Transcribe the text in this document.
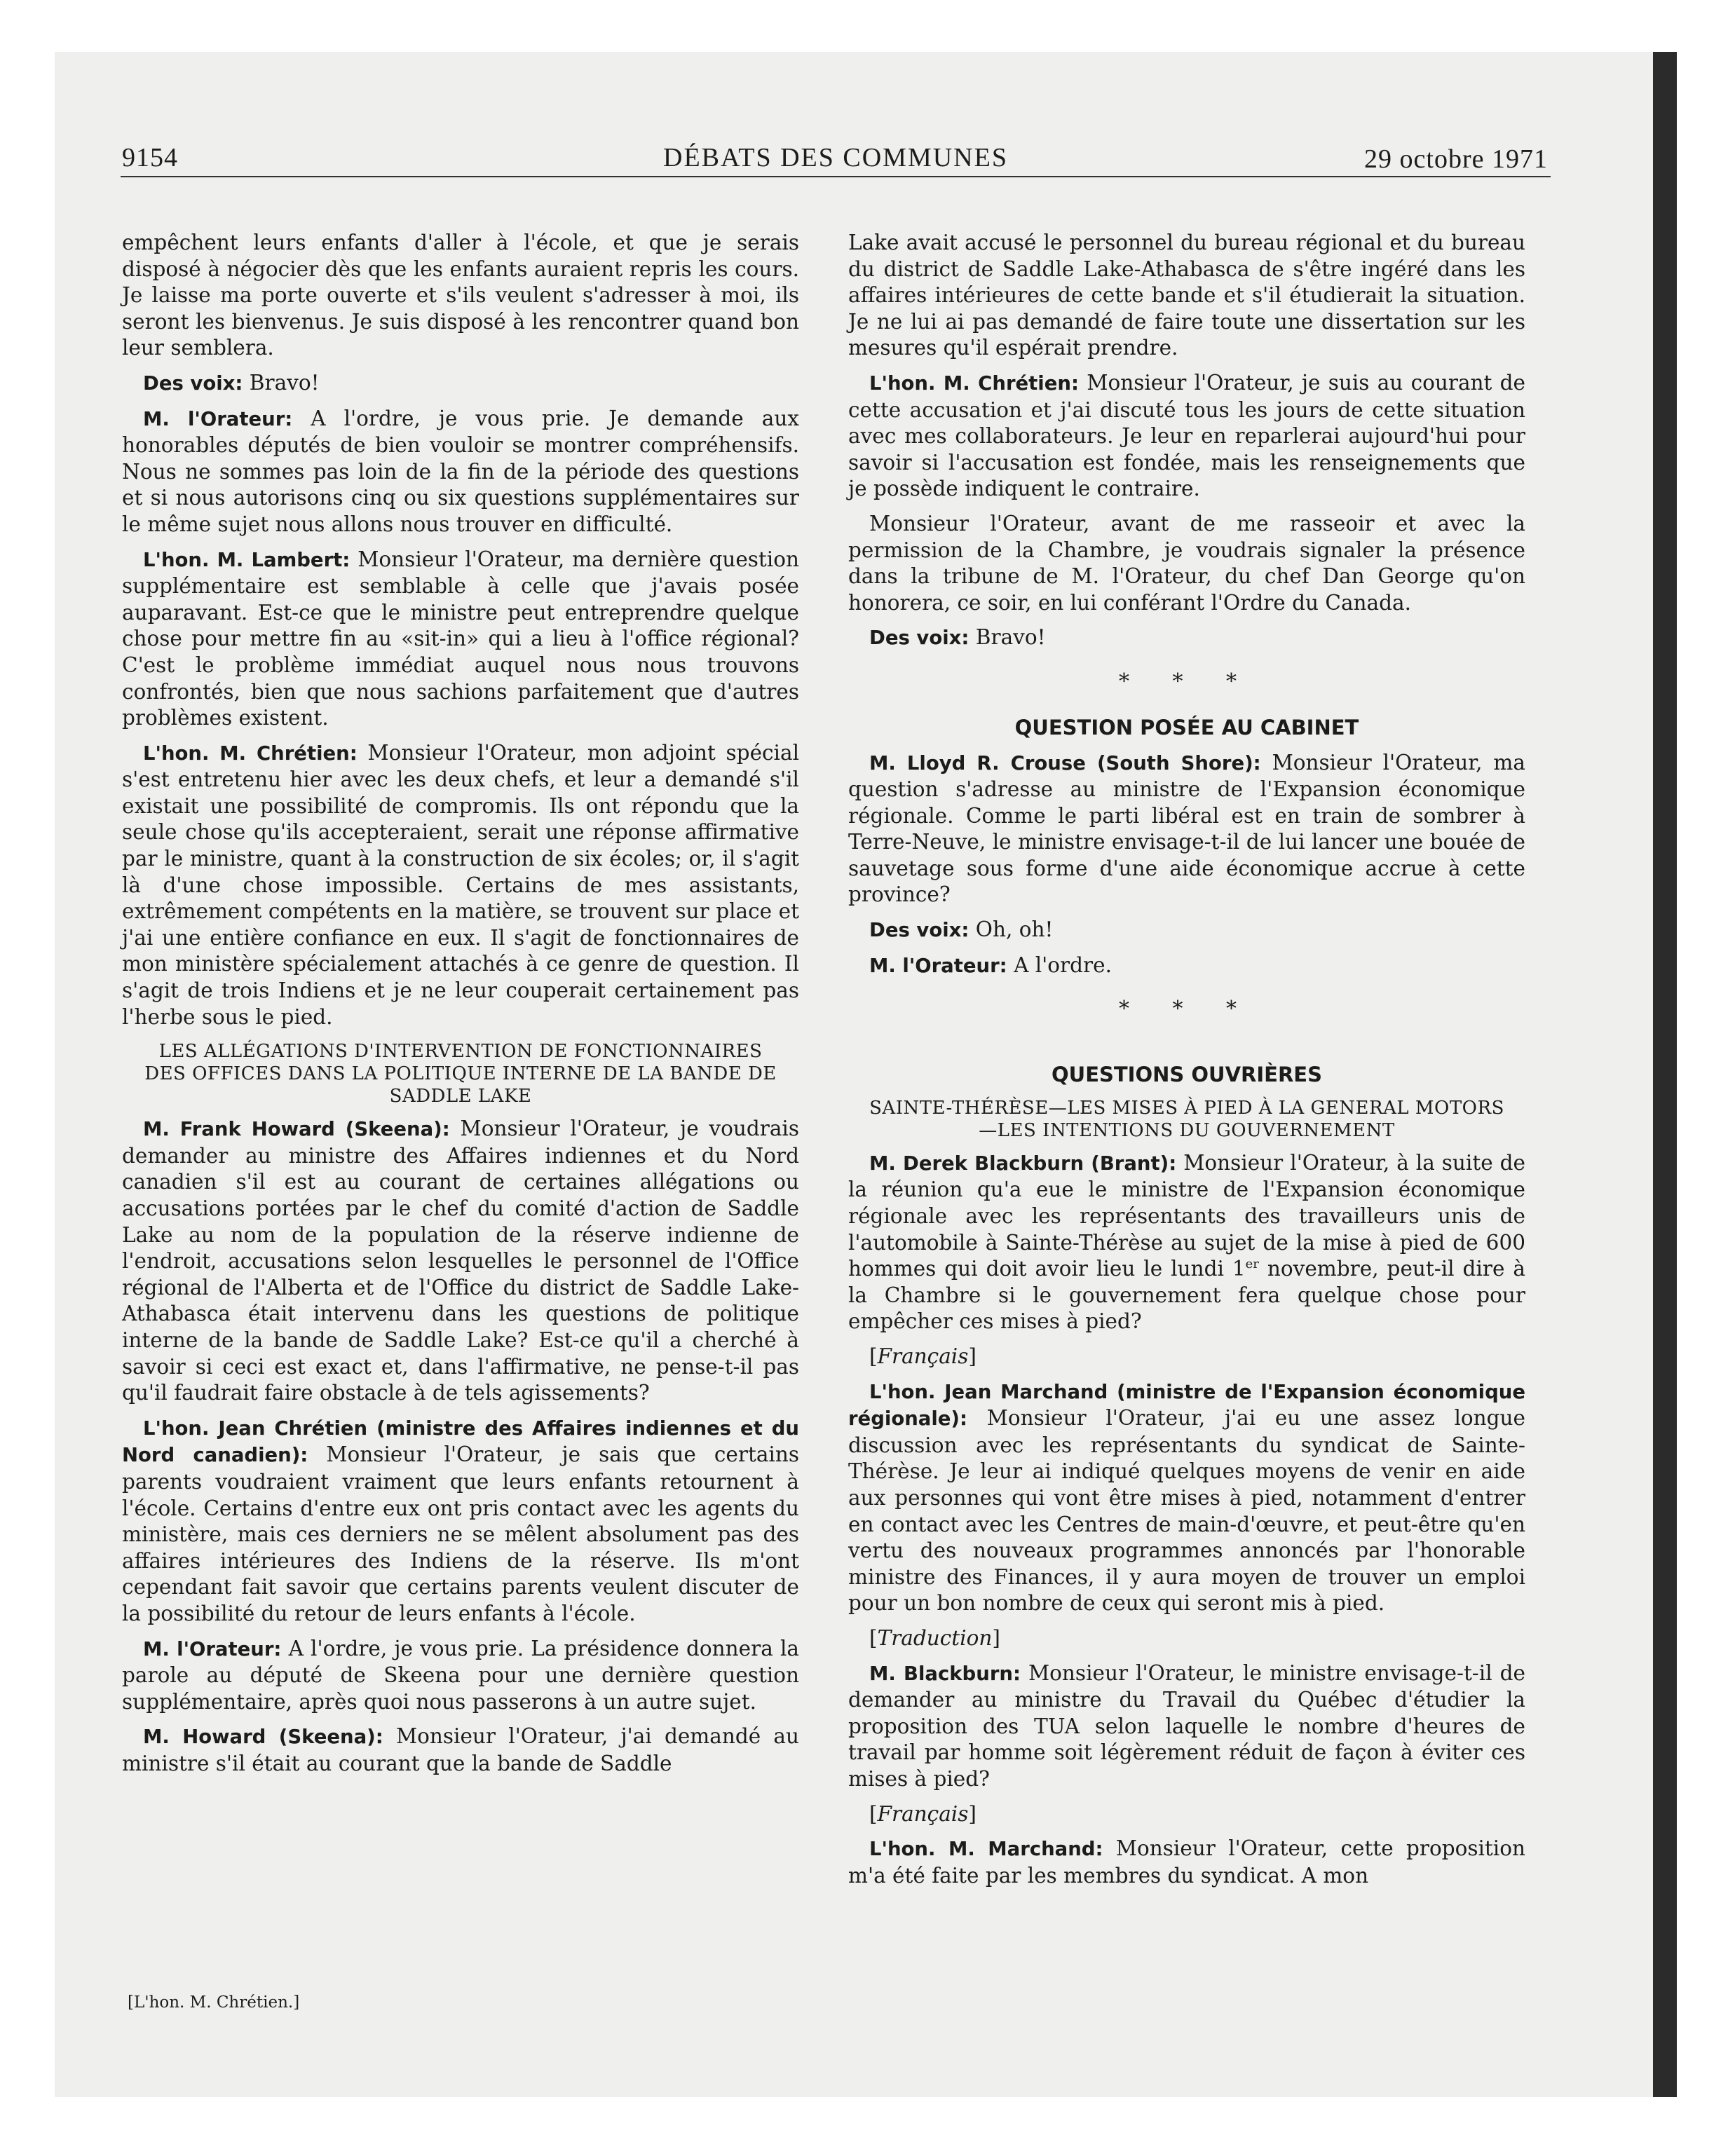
9154	DÉBATS DES COMMUNES	29 octobre 1971

empêchent leurs enfants d'aller à l'école, et que je serais disposé à négocier dès que les enfants auraient repris les cours. Je laisse ma porte ouverte et s'ils veulent s'adresser à moi, ils seront les bienvenus. Je suis disposé à les rencontrer quand bon leur semblera.

Des voix: Bravo!

M. l'Orateur: A l'ordre, je vous prie. Je demande aux honorables députés de bien vouloir se montrer compréhensifs. Nous ne sommes pas loin de la fin de la période des questions et si nous autorisons cinq ou six questions supplémentaires sur le même sujet nous allons nous trouver en difficulté.

L'hon. M. Lambert: Monsieur l'Orateur, ma dernière question supplémentaire est semblable à celle que j'avais posée auparavant. Est-ce que le ministre peut entreprendre quelque chose pour mettre fin au «sit-in» qui a lieu à l'office régional? C'est le problème immédiat auquel nous nous trouvons confrontés, bien que nous sachions parfaitement que d'autres problèmes existent.

L'hon. M. Chrétien: Monsieur l'Orateur, mon adjoint spécial s'est entretenu hier avec les deux chefs, et leur a demandé s'il existait une possibilité de compromis. Ils ont répondu que la seule chose qu'ils accepteraient, serait une réponse affirmative par le ministre, quant à la construction de six écoles; or, il s'agit là d'une chose impossible. Certains de mes assistants, extrêmement compétents en la matière, se trouvent sur place et j'ai une entière confiance en eux. Il s'agit de fonctionnaires de mon ministère spécialement attachés à ce genre de question. Il s'agit de trois Indiens et je ne leur couperait certainement pas l'herbe sous le pied.

LES ALLÉGATIONS D'INTERVENTION DE FONCTIONNAIRES DES OFFICES DANS LA POLITIQUE INTERNE DE LA BANDE DE SADDLE LAKE

M. Frank Howard (Skeena): Monsieur l'Orateur, je voudrais demander au ministre des Affaires indiennes et du Nord canadien s'il est au courant de certaines allégations ou accusations portées par le chef du comité d'action de Saddle Lake au nom de la population de la réserve indienne de l'endroit, accusations selon lesquelles le personnel de l'Office régional de l'Alberta et de l'Office du district de Saddle Lake-Athabasca était intervenu dans les questions de politique interne de la bande de Saddle Lake? Est-ce qu'il a cherché à savoir si ceci est exact et, dans l'affirmative, ne pense-t-il pas qu'il faudrait faire obstacle à de tels agissements?

L'hon. Jean Chrétien (ministre des Affaires indiennes et du Nord canadien): Monsieur l'Orateur, je sais que certains parents voudraient vraiment que leurs enfants retournent à l'école. Certains d'entre eux ont pris contact avec les agents du ministère, mais ces derniers ne se mêlent absolument pas des affaires intérieures des Indiens de la réserve. Ils m'ont cependant fait savoir que certains parents veulent discuter de la possibilité du retour de leurs enfants à l'école.

M. l'Orateur: A l'ordre, je vous prie. La présidence donnera la parole au député de Skeena pour une dernière question supplémentaire, après quoi nous passerons à un autre sujet.

M. Howard (Skeena): Monsieur l'Orateur, j'ai demandé au ministre s'il était au courant que la bande de Saddle

[L'hon. M. Chrétien.]

Lake avait accusé le personnel du bureau régional et du bureau du district de Saddle Lake-Athabasca de s'être ingéré dans les affaires intérieures de cette bande et s'il étudierait la situation. Je ne lui ai pas demandé de faire toute une dissertation sur les mesures qu'il espérait prendre.

L'hon. M. Chrétien: Monsieur l'Orateur, je suis au courant de cette accusation et j'ai discuté tous les jours de cette situation avec mes collaborateurs. Je leur en reparlerai aujourd'hui pour savoir si l'accusation est fondée, mais les renseignements que je possède indiquent le contraire.

Monsieur l'Orateur, avant de me rasseoir et avec la permission de la Chambre, je voudrais signaler la présence dans la tribune de M. l'Orateur, du chef Dan George qu'on honorera, ce soir, en lui conférant l'Ordre du Canada.

Des voix: Bravo!

* * *
QUESTION POSÉE AU CABINET

M. Lloyd R. Crouse (South Shore): Monsieur l'Orateur, ma question s'adresse au ministre de l'Expansion économique régionale. Comme le parti libéral est en train de sombrer à Terre-Neuve, le ministre envisage-t-il de lui lancer une bouée de sauvetage sous forme d'une aide économique accrue à cette province?

Des voix: Oh, oh!

M. l'Orateur: A l'ordre.

* * *
QUESTIONS OUVRIÈRES
SAINTE-THÉRÈSE—LES MISES À PIED À LA GENERAL MOTORS—LES INTENTIONS DU GOUVERNEMENT

M. Derek Blackburn (Brant): Monsieur l'Orateur, à la suite de la réunion qu'a eue le ministre de l'Expansion économique régionale avec les représentants des travailleurs unis de l'automobile à Sainte-Thérèse au sujet de la mise à pied de 600 hommes qui doit avoir lieu le lundi 1er novembre, peut-il dire à la Chambre si le gouvernement fera quelque chose pour empêcher ces mises à pied?

[ Français ]

L'hon. Jean Marchand (ministre de l'Expansion économique régionale): Monsieur l'Orateur, j'ai eu une assez longue discussion avec les représentants du syndicat de Sainte-Thérèse. Je leur ai indiqué quelques moyens de venir en aide aux personnes qui vont être mises à pied, notamment d'entrer en contact avec les Centres de main-d'œuvre, et peut-être qu'en vertu des nouveaux programmes annoncés par l'honorable ministre des Finances, il y aura moyen de trouver un emploi pour un bon nombre de ceux qui seront mis à pied.

[ Traduction ]

M. Blackburn: Monsieur l'Orateur, le ministre envisage-t-il de demander au ministre du Travail du Québec d'étudier la proposition des TUA selon laquelle le nombre d'heures de travail par homme soit légèrement réduit de façon à éviter ces mises à pied?

[ Français ]

L'hon. M. Marchand: Monsieur l'Orateur, cette proposition m'a été faite par les membres du syndicat. A mon
